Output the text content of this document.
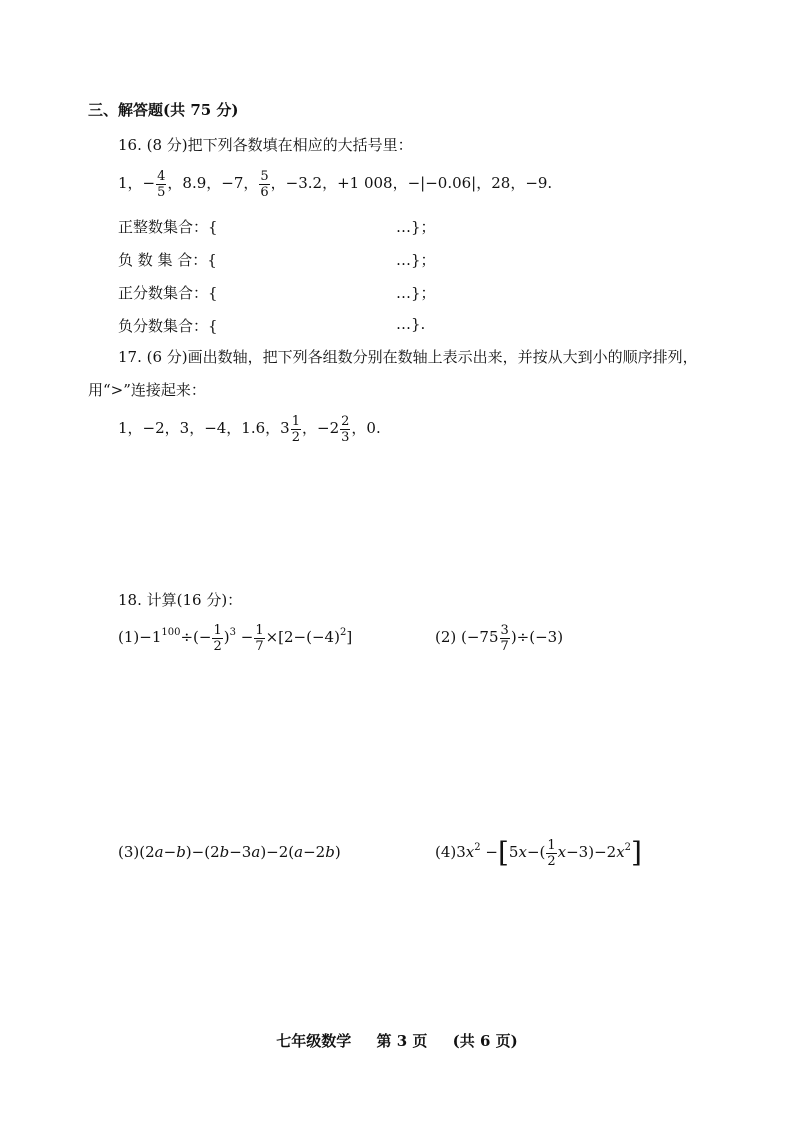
三、解答题(共 75 分)
16. (8 分)把下列各数填在相应的大括号里：
1，− $\frac{4}{5}$ ，8.9，−7， $\frac{5}{6}$ ，−3.2，+1 008，−|−0.06|，28，−9.
正整数集合：{	…}；
负 数 集 合：{	…}；
正分数集合：{	…}；
负分数集合：{	…}.
17. (6 分)画出数轴，把下列各组数分别在数轴上表示出来，并按从大到小的顺序排列，
用“>”连接起来：
1，−2，3，−4，1.6，$3 \frac{1}{2}$ ，$-2 \frac{2}{3}$ ，0.
18. 计算(16 分)：
$(1)-1^{100}\div(- \frac{1}{2} )^3 - \frac{1}{7} \times[2-(-4)^2]$	(2) $(-75 \frac{3}{7} )\div(-3)$
(3)(2a−b)−(2b−3a)−2(a−2b)	$(4)3x^2 -[5x-( \frac{1}{2} x-3)-2x^2]$
七年级数学 第 3 页 (共 6 页)
